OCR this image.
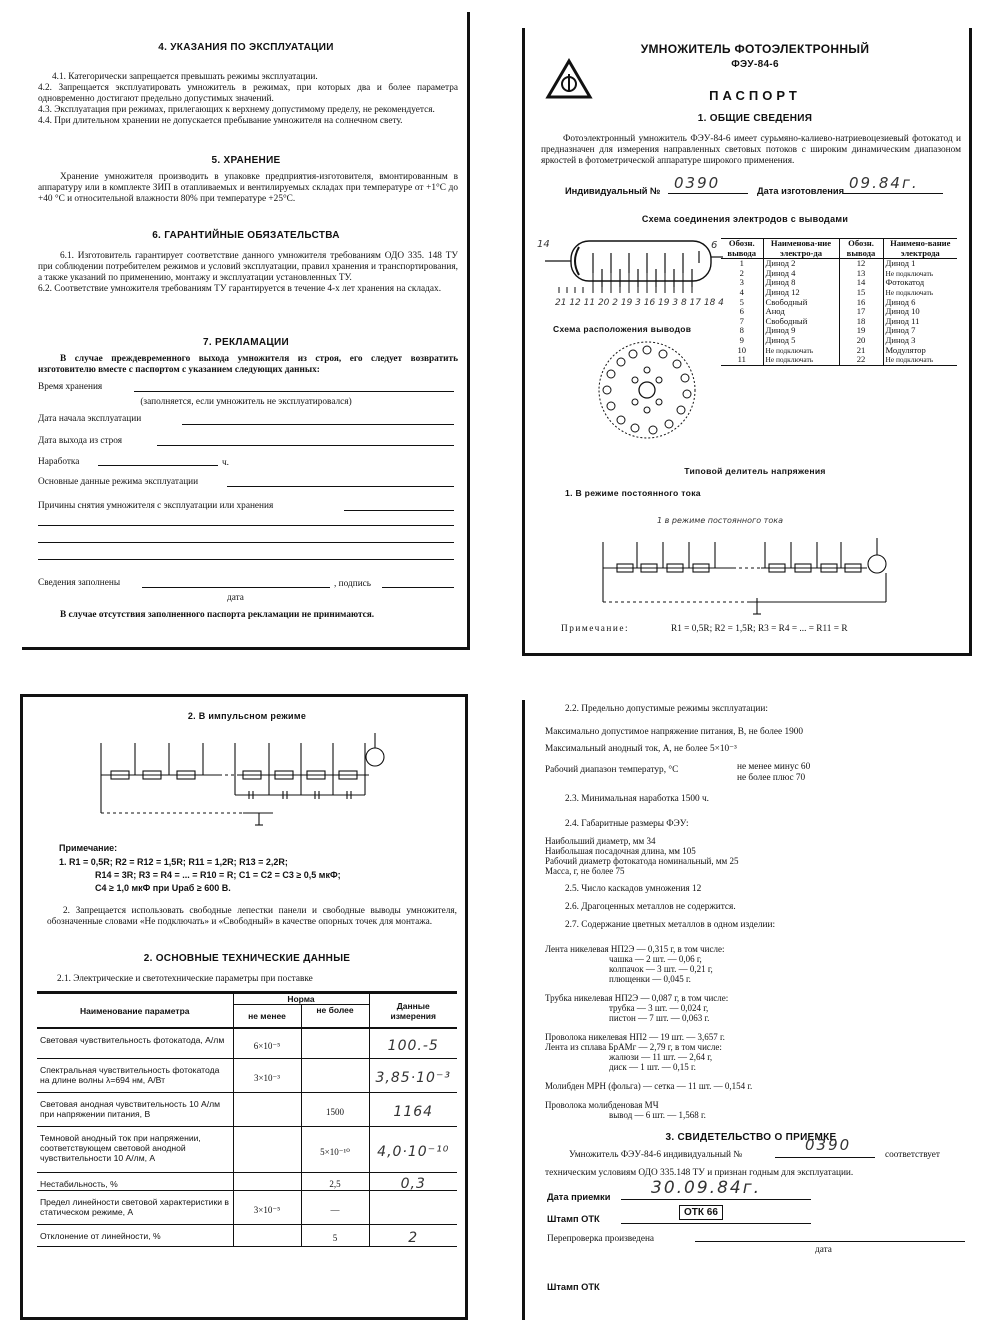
4. УКАЗАНИЯ ПО ЭКСПЛУАТАЦИИ
4.1. Категорически запрещается превышать режимы эксплуатации.
4.2. Запрещается эксплуатировать умножитель в режимах, при которых два и более параметра одновременно достигают предельно допустимых значений.
4.3. Эксплуатация при режимах, прилегающих к верхнему допустимому пределу, не рекомендуется.
4.4. При длительном хранении не допускается пребывание умножителя на солнечном свету.
5. ХРАНЕНИЕ
Хранение умножителя производить в упаковке предприятия-изготовителя, вмонтированным в аппаратуру или в комплекте ЗИП в отапливаемых и вентилируемых складах при температуре от +1°С до +40 °С и относительной влажности 80% при температуре +25°С.
6. ГАРАНТИЙНЫЕ ОБЯЗАТЕЛЬСТВА
6.1. Изготовитель гарантирует соответствие данного умножителя требованиям ОДО 335. 148 ТУ при соблюдении потребителем режимов и условий эксплуатации, правил хранения и транспортирования, а также указаний по применению, монтажу и эксплуатации установленных ТУ.
6.2. Соответствие умножителя требованиям ТУ гарантируется в течение 4-х лет хранения на складах.
7. РЕКЛАМАЦИИ
В случае преждевременного выхода умножителя из строя, его следует возвратить изготовителю вместе с паспортом с указанием следующих данных:
Время хранения
(заполняется, если умножитель не эксплуатировался)
Дата начала эксплуатации
Дата выхода из строя
Наработка	ч.
Основные данные режима эксплуатации
Причины снятия умножителя с эксплуатации или хранения
Сведения заполнены	, подпись
дата
В случае отсутствия заполненного паспорта рекламации не принимаются.
УМНОЖИТЕЛЬ ФОТОЭЛЕКТРОННЫЙ
ФЭУ-84-6
ПАСПОРТ
1. ОБЩИЕ СВЕДЕНИЯ
Фотоэлектронный умножитель ФЭУ-84-6 имеет сурьмяно-калиево-натриевоцезиевый фотокатод и предназначен для измерения направленных световых потоков с широким динамическим диапазоном яркостей в фотометрической аппаратуре широкого применения.
Индивидуальный № 0390	Дата изготовления 09.84г.
Схема соединения электродов с выводами
14	6
21 12 11 20 2 19 3 16 19 3 8 17 18 4
Схема расположения выводов
Обозн. вывода	Наименова-ние электро-да	Обозн. вывода	Наимено-вание электрода
1	Динод 2	12	Динод 1
2	Динод 4	13	Не подключать
3	Динод 8	14	Фотокатод
4	Динод 12	15	Не подключать
5	Свободный	16	Динод 6
6	Анод	17	Динод 10
7	Свободный	18	Динод 11
8	Динод 9	19	Динод 7
9	Динод 5	20	Динод 3
10	Не подключать	21	Модулятор
11	Не подключать	22	Не подключать
Типовой делитель напряжения
1. В режиме постоянного тока
1 в режиме постоянного тока
Примечание:	R1 = 0,5R; R2 = 1,5R; R3 = R4 = ... = R11 = R
2. В импульсном режиме
Примечание:
1. R1 = 0,5R; R2 = R12 = 1,5R; R11 = 1,2R; R13 = 2,2R;
R14 = 3R; R3 = R4 = ... = R10 = R; C1 = C2 = C3 ≥ 0,5 мкФ;
C4 ≥ 1,0 мкФ при Uраб ≥ 600 В.
2. Запрещается использовать свободные лепестки панели и свободные выводы умножителя, обозначенные словами «Не подключать» и «Свободный» в качестве опорных точек для монтажа.
2. ОСНОВНЫЕ ТЕХНИЧЕСКИЕ ДАННЫЕ
2.1. Электрические и светотехнические параметры при поставке
Наименование параметра	Норма		Данные измерения
	не менее	не более	
Световая чувствительность фотокатода, А/лм	6×10⁻⁵		100.-5
Спектральная чувствительность фотокатода на длине волны λ=694 нм, А/Вт	3×10⁻³		3,85·10⁻³
Световая анодная чувствительность 10 А/лм при напряжении питания, В		1500	1164
Темновой анодный ток при напряжении, соответствующем световой анодной чувствительности 10 А/лм, А		5×10⁻¹⁰	4,0·10⁻¹⁰
Нестабильность, %		2,5	0,3
Предел линейности световой характеристики в статическом режиме, А	3×10⁻⁵	—	
Отклонение от линейности, %		5	2
2.2. Предельно допустимые режимы эксплуатации:
Максимально допустимое напряжение питания, В, не более 1900
Максимальный анодный ток, А, не более 5×10⁻³
Рабочий диапазон температур, °С	не менее минус 60
не более плюс 70
2.3. Минимальная наработка 1500 ч.
2.4. Габаритные размеры ФЭУ:
Наибольший диаметр, мм 34
Наибольшая посадочная длина, мм 105
Рабочий диаметр фотокатода номинальный, мм 25
Масса, г, не более 75
2.5. Число каскадов умножения 12
2.6. Драгоценных металлов не содержится.
2.7. Содержание цветных металлов в одном изделии:
Лента никелевая НП2Э — 0,315 г, в том числе:
чашка — 2 шт. — 0,06 г,
колпачок — 3 шт. — 0,21 г,
плющенки — 0,045 г.
Трубка никелевая НП2Э — 0,087 г, в том числе:
трубка — 3 шт. — 0,024 г,
пистон — 7 шт. — 0,063 г.
Проволока никелевая НП2 — 19 шт. — 3,657 г.
Лента из сплава БрАМг — 2,79 г, в том числе:
жалюзи — 11 шт. — 2,64 г,
диск — 1 шт. — 0,15 г.
Молибден МРН (фольга) — сетка — 11 шт. — 0,154 г.
Проволока молибденовая МЧ
вывод — 6 шт. — 1,568 г.
3. СВИДЕТЕЛЬСТВО О ПРИЕМКЕ
Умножитель ФЭУ-84-6 индивидуальный №
0390
соответствует
техническим условиям ОДО 335.148 ТУ и признан годным для эксплуатации.
Дата приемки 30.09.84г.
Штамп ОТК
ОТК 66
Перепроверка произведена
дата
Штамп ОТК
